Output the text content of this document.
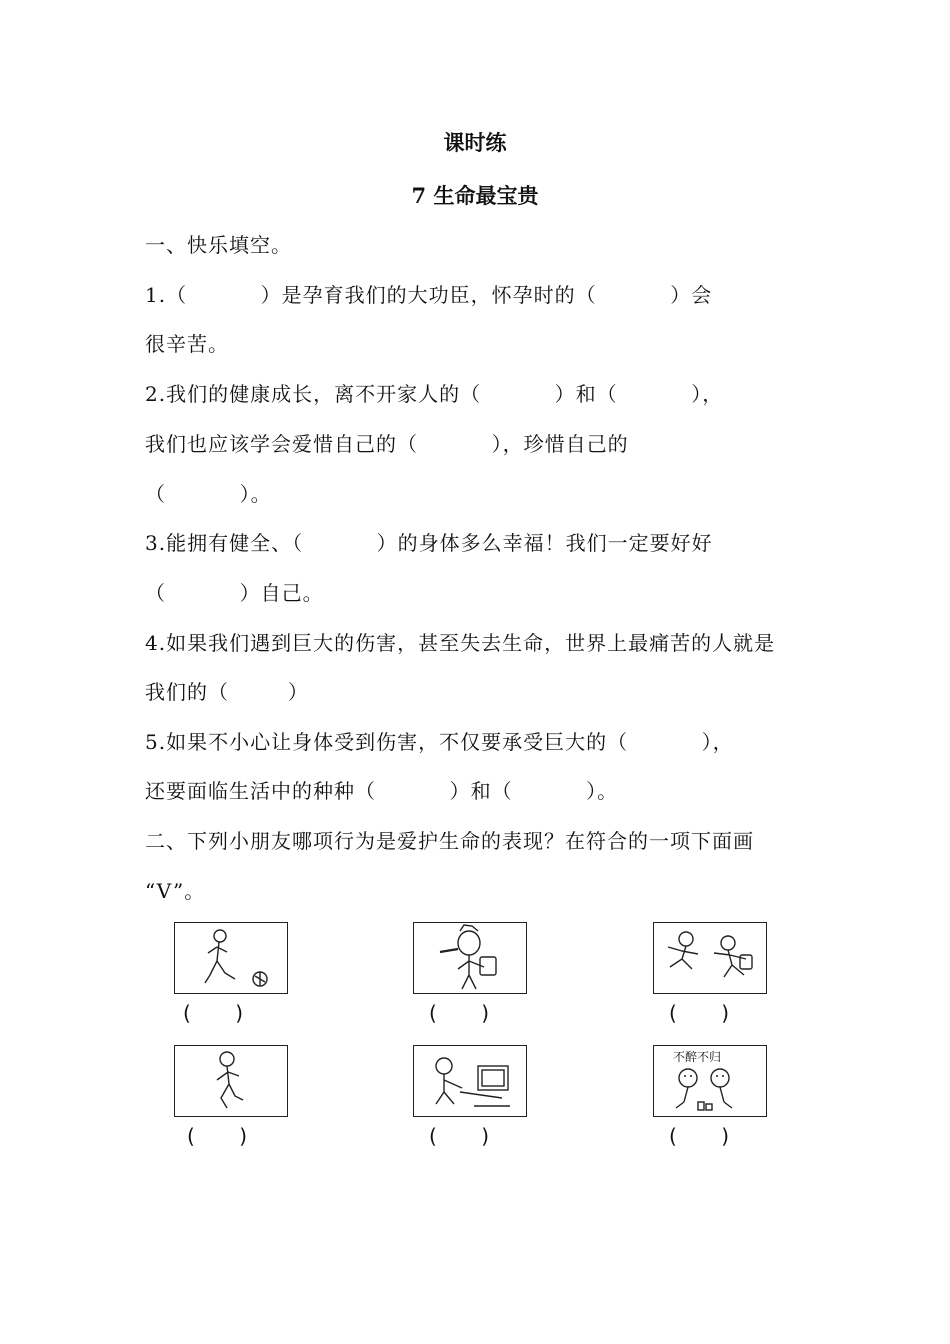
课时练
7 生命最宝贵
一、快乐填空。
1.（          ）是孕育我们的大功臣，怀孕时的（          ）会
很辛苦。
2.我们的健康成长，离不开家人的（          ）和（          ），
我们也应该学会爱惜自己的（          ），珍惜自己的
（          ）。
3.能拥有健全、（          ）的身体多么幸福！我们一定要好好
（          ）自己。
4.如果我们遇到巨大的伤害，甚至失去生命，世界上最痛苦的人就是
我们的（        ）
5.如果不小心让身体受到伤害，不仅要承受巨大的（          ），
还要面临生活中的种种（          ）和（          ）。
二、下列小朋友哪项行为是爱护生命的表现？在符合的一项下面画
“V”。
(       )	(       )	(       )
(       )	(       )
不醉不归
(       )
